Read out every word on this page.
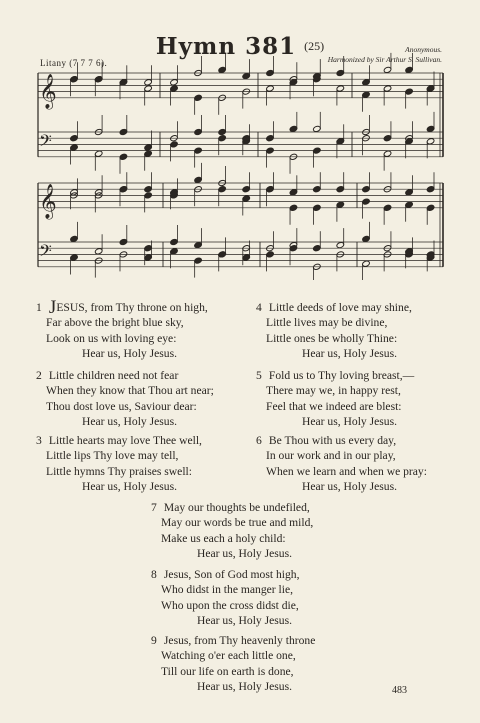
Hymn 381 $^{(25)}$
Litany (7 7 7 6).
Anonymous.
Harmonized by Sir Arthur S. Sullivan.
𝄞
𝄢
𝄞
𝄢
1 JESUS, from Thy throne on high,
Far above the bright blue sky,
Look on us with loving eye:
Hear us, Holy Jesus.
2 Little children need not fear
When they know that Thou art near;
Thou dost love us, Saviour dear:
Hear us, Holy Jesus.
3 Little hearts may love Thee well,
Little lips Thy love may tell,
Little hymns Thy praises swell:
Hear us, Holy Jesus.
4 Little deeds of love may shine,
Little lives may be divine,
Little ones be wholly Thine:
Hear us, Holy Jesus.
5 Fold us to Thy loving breast,—
There may we, in happy rest,
Feel that we indeed are blest:
Hear us, Holy Jesus.
6 Be Thou with us every day,
In our work and in our play,
When we learn and when we pray:
Hear us, Holy Jesus.
7 May our thoughts be undefiled,
May our words be true and mild,
Make us each a holy child:
Hear us, Holy Jesus.
8 Jesus, Son of God most high,
Who didst in the manger lie,
Who upon the cross didst die,
Hear us, Holy Jesus.
9 Jesus, from Thy heavenly throne
Watching o'er each little one,
Till our life on earth is done,
Hear us, Holy Jesus.	483
